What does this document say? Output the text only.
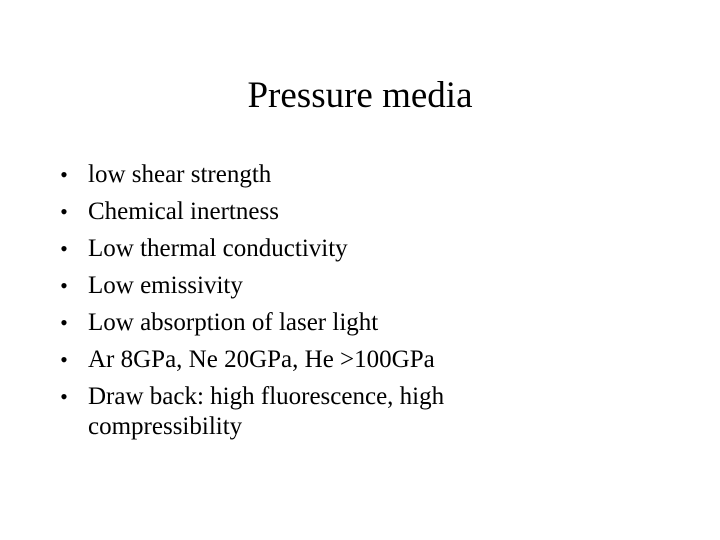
Pressure media
• low shear strength
• Chemical inertness
• Low thermal conductivity
• Low emissivity
• Low absorption of laser light
• Ar 8GPa, Ne 20GPa, He >100GPa
• Draw back: high fluorescence, high compressibility
